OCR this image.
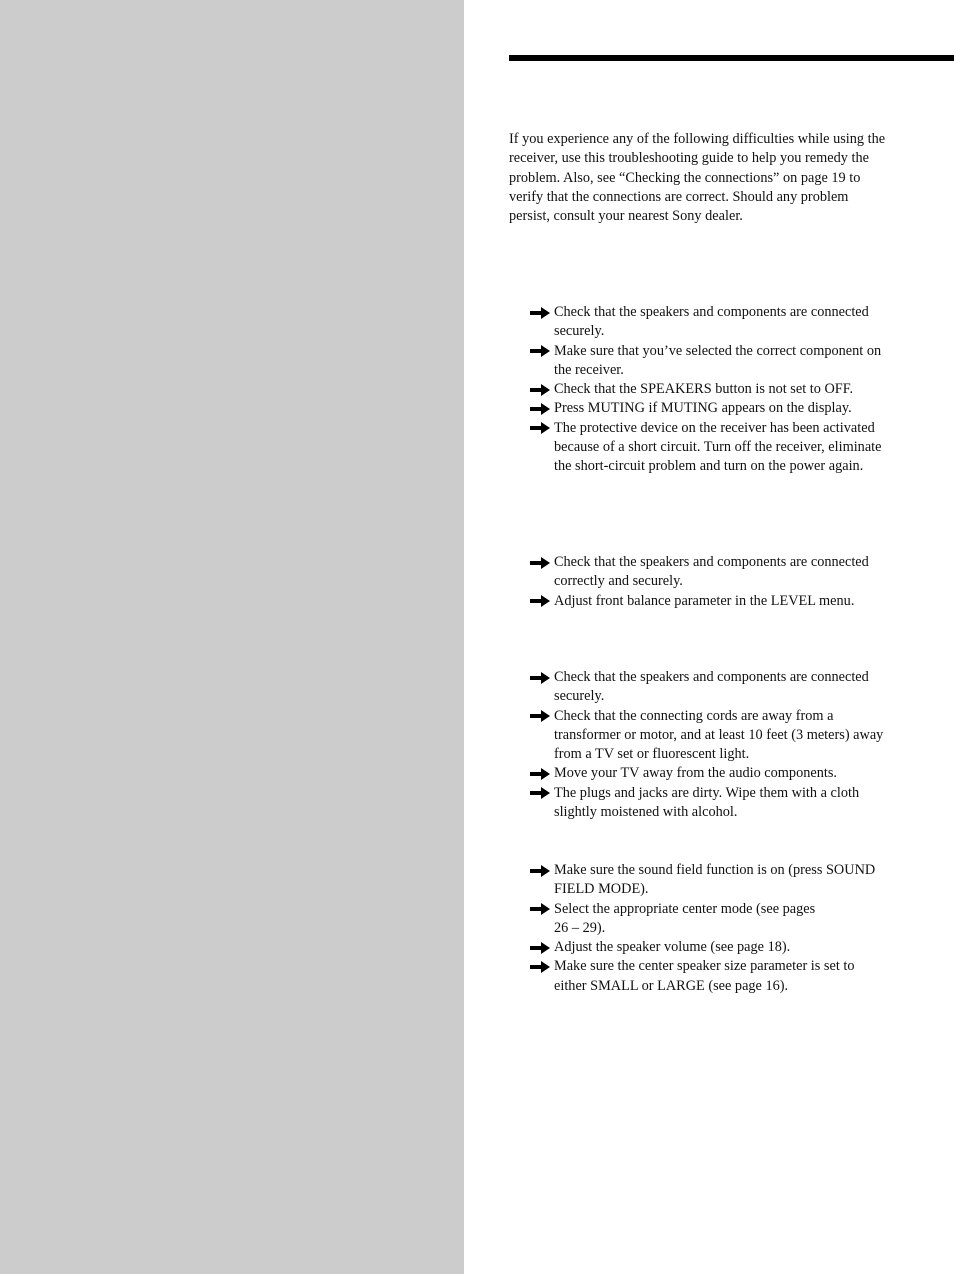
If you experience any of the following difficulties while using the receiver, use this troubleshooting guide to help you remedy the problem. Also, see “Checking the connections” on page 19 to verify that the connections are correct. Should any problem persist, consult your nearest Sony dealer.

Check that the speakers and components are connected securely.
Make sure that you’ve selected the correct component on the receiver.
Check that the SPEAKERS button is not set to OFF.
Press MUTING if MUTING appears on the display.
The protective device on the receiver has been activated because of a short circuit. Turn off the receiver, eliminate the short-circuit problem and turn on the power again.
Check that the speakers and components are connected correctly and securely.
Adjust front balance parameter in the LEVEL menu.
Check that the speakers and components are connected securely.
Check that the connecting cords are away from a transformer or motor, and at least 10 feet (3 meters) away from a TV set or fluorescent light.
Move your TV away from the audio components.
The plugs and jacks are dirty. Wipe them with a cloth slightly moistened with alcohol.
Make sure the sound field function is on (press SOUND FIELD MODE).
Select the appropriate center mode (see pages
26 – 29).
Adjust the speaker volume (see page 18).
Make sure the center speaker size parameter is set to either SMALL or LARGE (see page 16).
